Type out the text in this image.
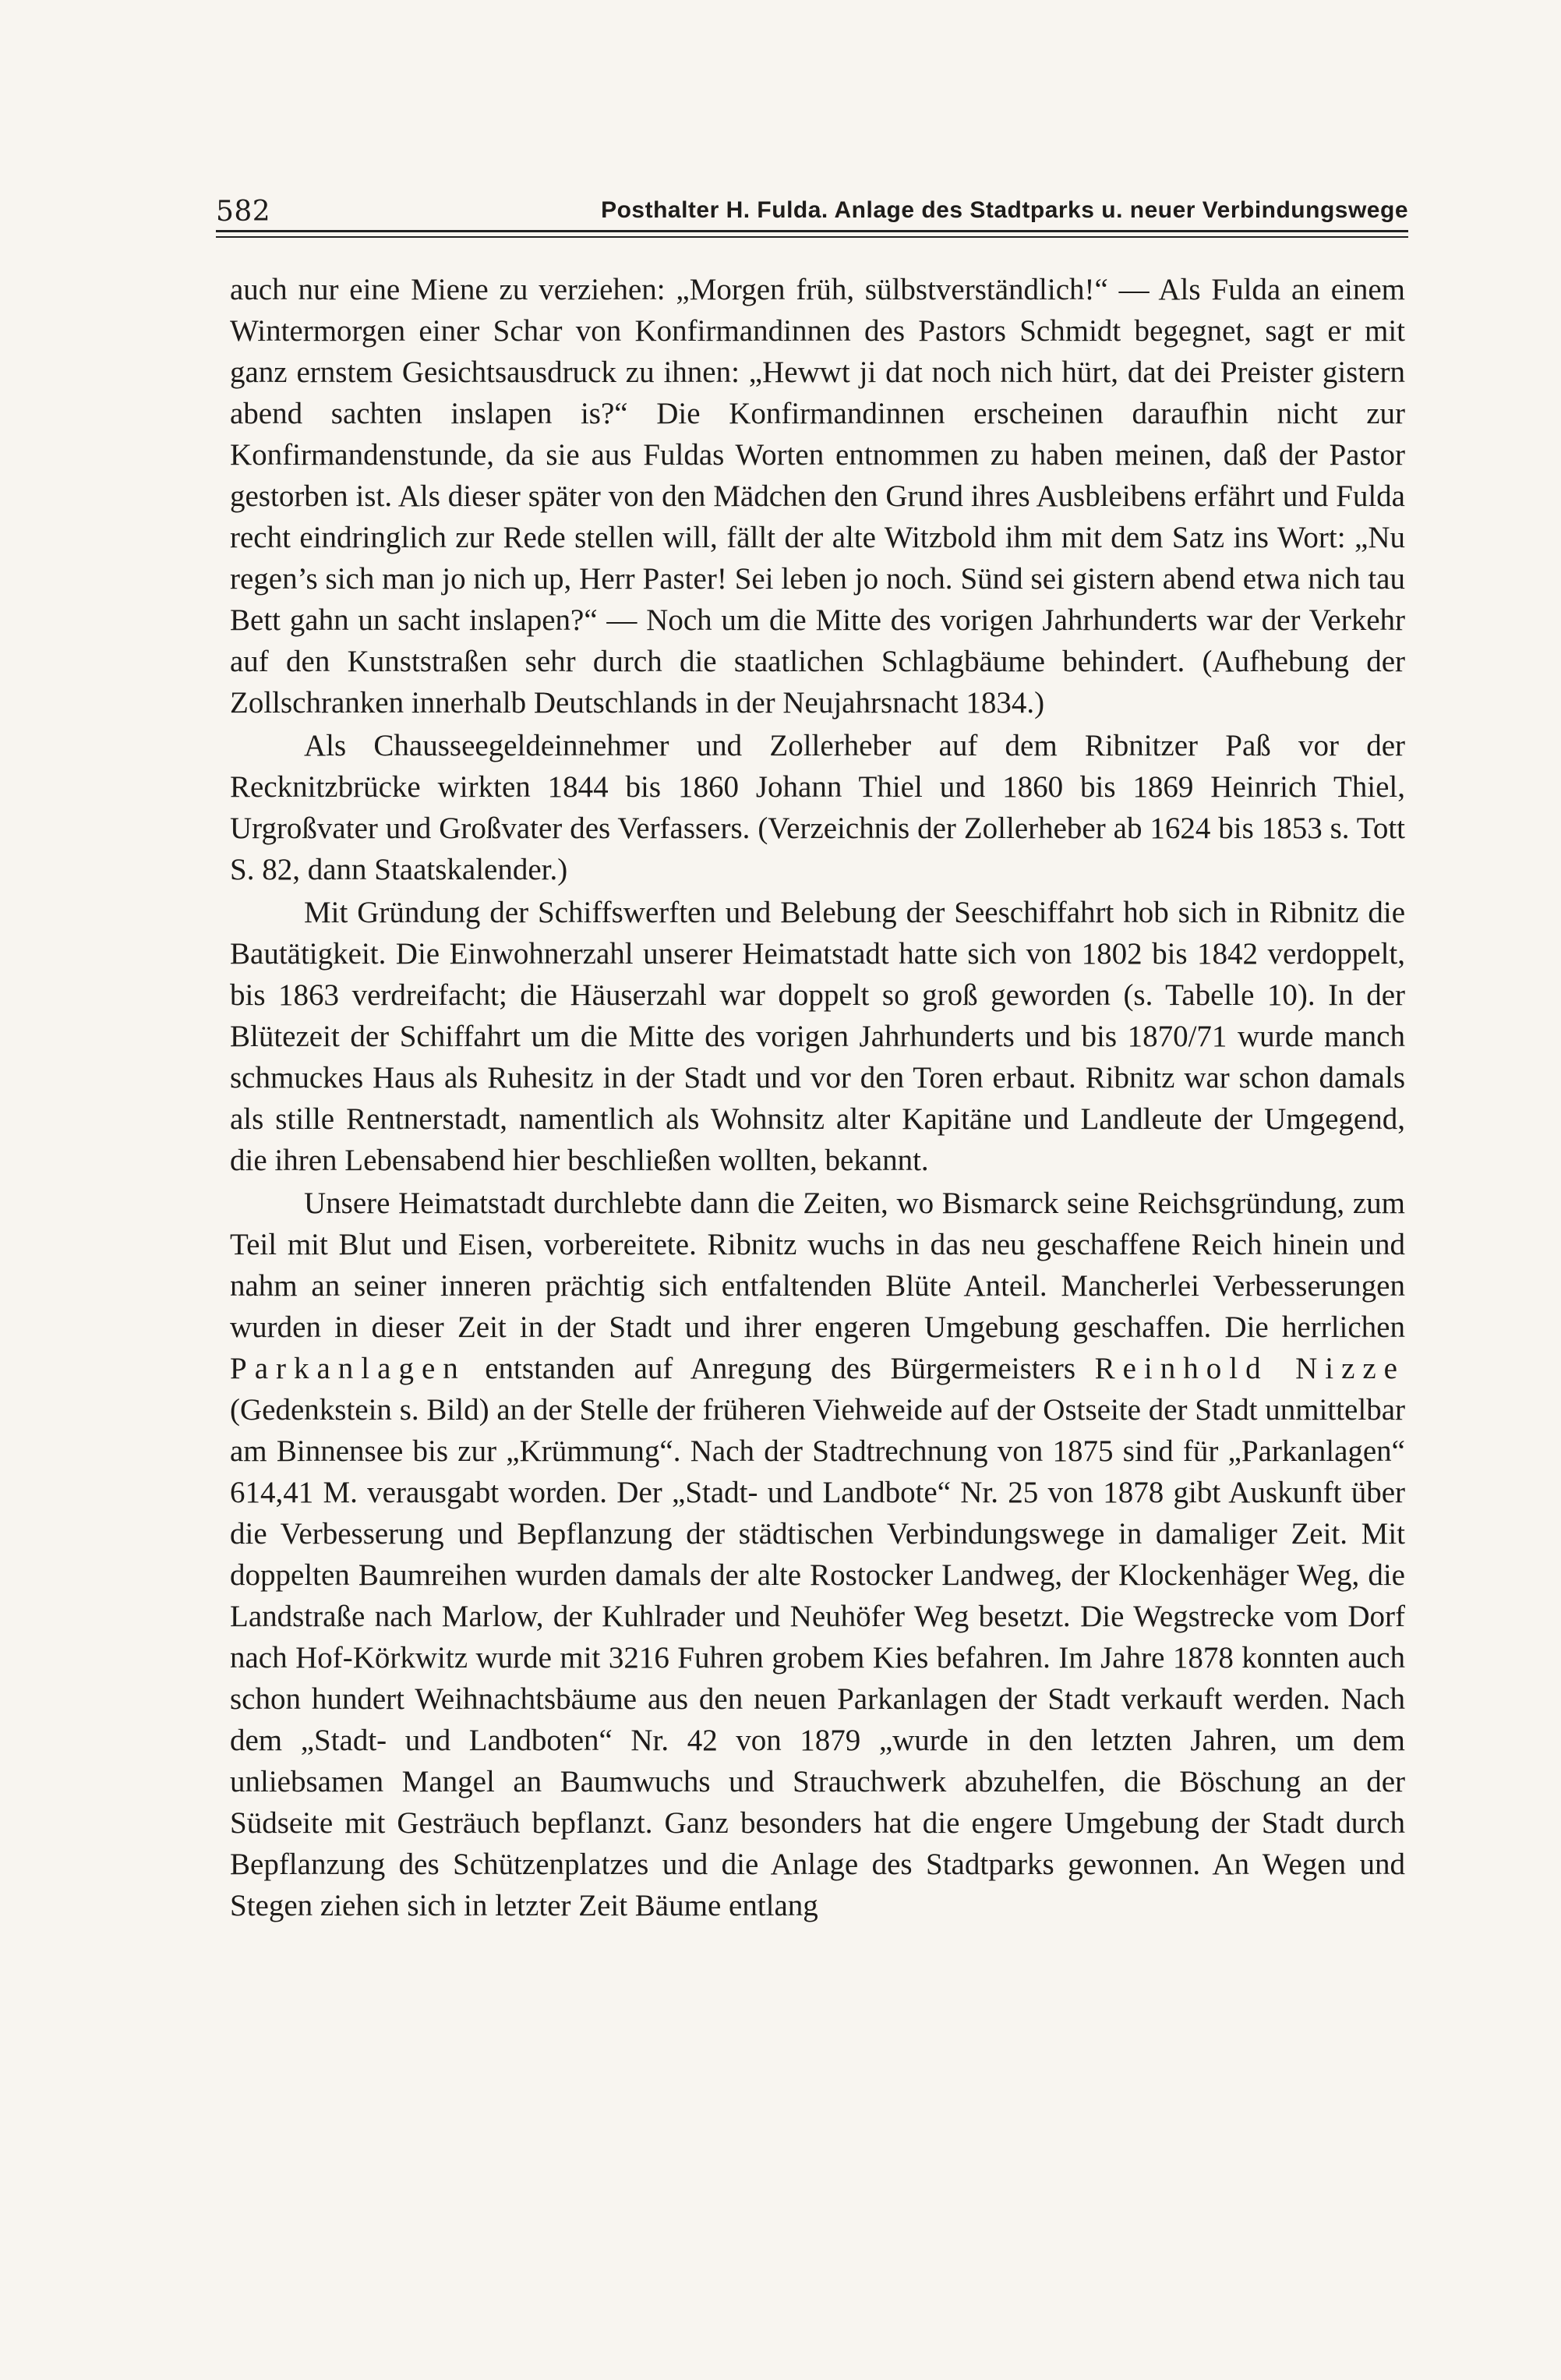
582	Posthalter H. Fulda. Anlage des Stadtparks u. neuer Verbindungswege

auch nur eine Miene zu verziehen: „Morgen früh, sülbstverständlich!“ — Als Fulda an einem Wintermorgen einer Schar von Konfirmandinnen des Pastors Schmidt begegnet, sagt er mit ganz ernstem Gesichtsausdruck zu ihnen: „Hewwt ji dat noch nich hürt, dat dei Preister gistern abend sachten inslapen is?“ Die Konfirmandinnen erscheinen daraufhin nicht zur Konfirmandenstunde, da sie aus Fuldas Worten entnommen zu haben meinen, daß der Pastor gestorben ist. Als dieser später von den Mädchen den Grund ihres Ausbleibens erfährt und Fulda recht eindringlich zur Rede stellen will, fällt der alte Witzbold ihm mit dem Satz ins Wort: „Nu regen’s sich man jo nich up, Herr Paster! Sei leben jo noch. Sünd sei gistern abend etwa nich tau Bett gahn un sacht inslapen?“ — Noch um die Mitte des vorigen Jahrhunderts war der Verkehr auf den Kunststraßen sehr durch die staatlichen Schlagbäume behindert. (Aufhebung der Zollschranken innerhalb Deutschlands in der Neujahrsnacht 1834.)

Als Chausseegeldeinnehmer und Zollerheber auf dem Ribnitzer Paß vor der Recknitzbrücke wirkten 1844 bis 1860 Johann Thiel und 1860 bis 1869 Heinrich Thiel, Urgroßvater und Großvater des Verfassers. (Verzeichnis der Zollerheber ab 1624 bis 1853 s. Tott S. 82, dann Staatskalender.)

Mit Gründung der Schiffswerften und Belebung der Seeschiffahrt hob sich in Ribnitz die Bautätigkeit. Die Einwohnerzahl unserer Heimatstadt hatte sich von 1802 bis 1842 verdoppelt, bis 1863 verdreifacht; die Häuserzahl war doppelt so groß geworden (s. Tabelle 10). In der Blütezeit der Schiffahrt um die Mitte des vorigen Jahrhunderts und bis 1870/71 wurde manch schmuckes Haus als Ruhesitz in der Stadt und vor den Toren erbaut. Ribnitz war schon damals als stille Rentnerstadt, namentlich als Wohnsitz alter Kapitäne und Landleute der Umgegend, die ihren Lebensabend hier beschließen wollten, bekannt.

Unsere Heimatstadt durchlebte dann die Zeiten, wo Bismarck seine Reichsgründung, zum Teil mit Blut und Eisen, vorbereitete. Ribnitz wuchs in das neu geschaffene Reich hinein und nahm an seiner inneren prächtig sich entfaltenden Blüte Anteil. Mancherlei Verbesserungen wurden in dieser Zeit in der Stadt und ihrer engeren Umgebung geschaffen. Die herrlichen Parkanlagen entstanden auf Anregung des Bürgermeisters Reinhold Nizze (Gedenkstein s. Bild) an der Stelle der früheren Viehweide auf der Ostseite der Stadt unmittelbar am Binnensee bis zur „Krümmung“. Nach der Stadtrechnung von 1875 sind für „Parkanlagen“ 614,41 M. verausgabt worden. Der „Stadt- und Landbote“ Nr. 25 von 1878 gibt Auskunft über die Verbesserung und Bepflanzung der städtischen Verbindungswege in damaliger Zeit. Mit doppelten Baumreihen wurden damals der alte Rostocker Landweg, der Klockenhäger Weg, die Landstraße nach Marlow, der Kuhlrader und Neuhöfer Weg besetzt. Die Wegstrecke vom Dorf nach Hof-Körkwitz wurde mit 3216 Fuhren grobem Kies befahren. Im Jahre 1878 konnten auch schon hundert Weihnachtsbäume aus den neuen Parkanlagen der Stadt verkauft werden. Nach dem „Stadt- und Landboten“ Nr. 42 von 1879 „wurde in den letzten Jahren, um dem unliebsamen Mangel an Baumwuchs und Strauchwerk abzuhelfen, die Böschung an der Südseite mit Gesträuch bepflanzt. Ganz besonders hat die engere Umgebung der Stadt durch Bepflanzung des Schützenplatzes und die Anlage des Stadtparks gewonnen. An Wegen und Stegen ziehen sich in letzter Zeit Bäume entlang
